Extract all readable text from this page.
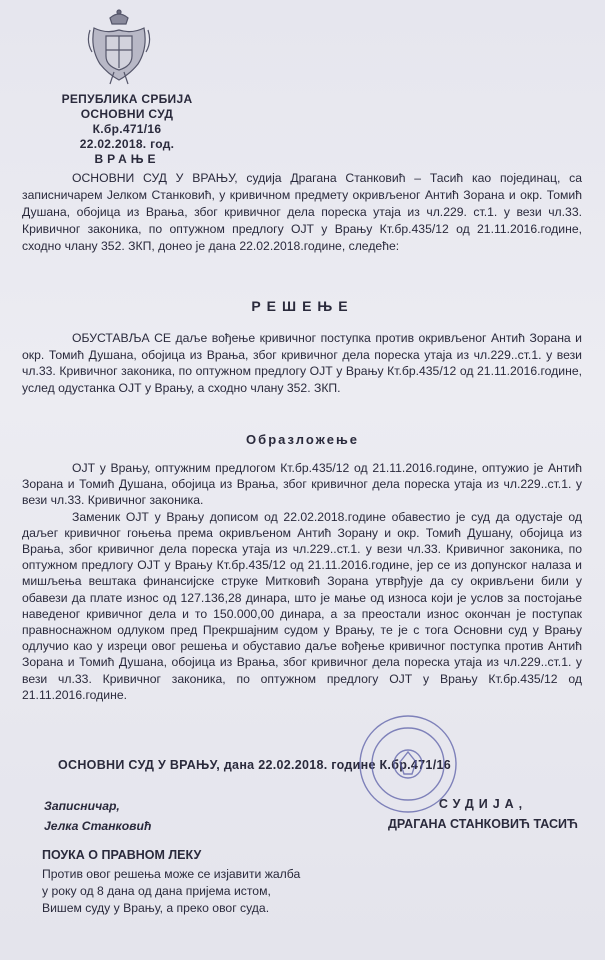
РЕПУБЛИКА СРБИЈА
ОСНОВНИ СУД
К.бр.471/16
22.02.2018. год.
ВРАЊЕ
ОСНОВНИ СУД У ВРАЊУ, судија Драгана Станковић – Тасић као појединац, са записничарем Јелком Станковић, у кривичном предмету окривљеног Антић Зорана и окр. Томић Душана, обојица из Врања, због кривичног дела пореска утаја из чл.229. ст.1. у вези чл.33. Кривичног законика, по оптужном предлогу ОЈТ у Врању Кт.бр.435/12 од 21.11.2016.године, сходно члану 352. ЗКП, донео је дана 22.02.2018.године, следеће:
РЕШЕЊЕ
ОБУСТАВЉА СЕ даље вођење кривичног поступка против окривљеног Антић Зорана и окр. Томић Душана, обојица из Врања, због кривичног дела пореска утаја из чл.229..ст.1. у вези чл.33. Кривичног законика, по оптужном предлогу ОЈТ у Врању Кт.бр.435/12 од 21.11.2016.године, услед одустанка ОЈТ у Врању, а сходно члану 352. ЗКП.
Образложење

ОЈТ у Врању, оптужним предлогом Кт.бр.435/12 од 21.11.2016.године, оптужио је Антић Зорана и Томић Душана, обојица из Врања, због кривичног дела пореска утаја из чл.229..ст.1. у вези чл.33. Кривичног законика.

Заменик ОЈТ у Врању дописом од 22.02.2018.године обавестио је суд да одустаје од даљег кривичног гоњења према окривљеном Антић Зорану и окр. Томић Душану, обојица из Врања, због кривичног дела пореска утаја из чл.229..ст.1. у вези чл.33. Кривичног законика, по оптужном предлогу ОЈТ у Врању Кт.бр.435/12 од 21.11.2016.године, јер се из допунског налаза и мишљења вештака финансијске струке Митковић Зорана утврђује да су окривљени били у обавези да плате износ од 127.136,28 динара, што је мање од износа који је услов за постојање наведеног кривичног дела и то 150.000,00 динара, а за преостали износ окончан је поступак правноснажном одлуком пред Прекршајним судом у Врању, те је с тога Основни суд у Врању одлучио као у изреци овог решења и обуставио даље вођење кривичног поступка против Антић Зорана и Томић Душана, обојица из Врања, због кривичног дела пореска утаја из чл.229..ст.1. у вези чл.33. Кривичног законика, по оптужном предлогу ОЈТ у Врању Кт.бр.435/12 од 21.11.2016.године.

ОСНОВНИ СУД У ВРАЊУ, дана 22.02.2018. године К.бр.471/16
Записничар,
Јелка Станковић
СУДИЈА,
ДРАГАНА СТАНКОВИЋ ТАСИЋ
ПОУКА О ПРАВНОМ ЛЕКУ
Против овог решења може се изјавити жалба у року од 8 дана од дана пријема истом, Вишем суду у Врању, а преко овог суда.
